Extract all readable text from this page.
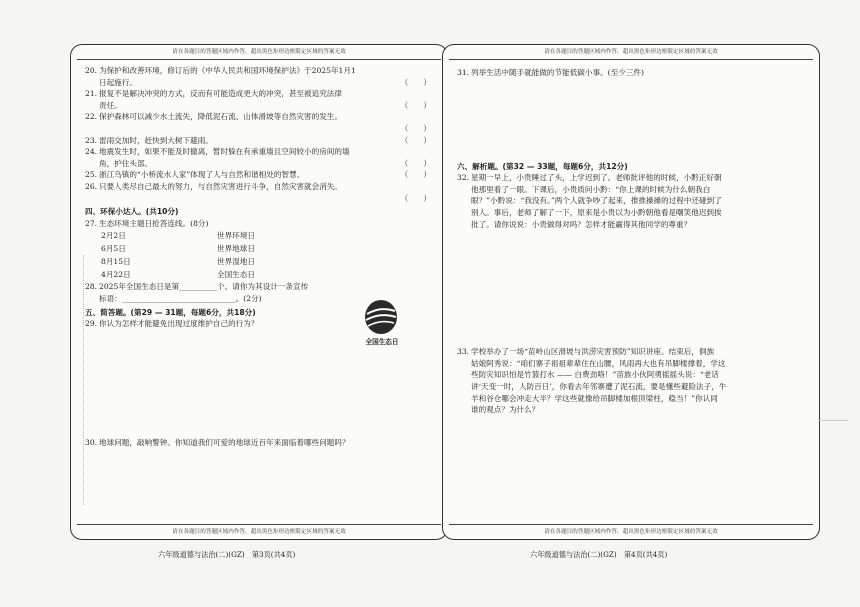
请在各题目的答题区域内作答，超出黑色矩形边框限定区域的答案无效
20. 为保护和改善环境，修订后的《中华人民共和国环境保护法》于2025年1月1
日起施行。	（　　）
21. 报复不是解决冲突的方式，反而有可能造成更大的冲突，甚至被追究法律
责任。	（　　）
22. 保护森林可以减少水土流失，降低泥石流、山体滑坡等自然灾害的发生。
（　　）
23. 雷雨交加时，赶快到大树下避雨。	（　　）
24. 地震发生时，如果不能及时撤离，暂时躲在有承重墙且空间较小的房间的墙
角，护住头部。	（　　）
25. 浙江乌镇的“小桥流水人家”体现了人与自然和谐相处的智慧。	（　　）
26. 只要人类尽自己最大的努力，与自然灾害进行斗争，自然灾害就会消失。
（　　）
四、环保小达人。(共10分)
27. 生态环境主题日抢答连线。(8分)
2月2日	世界环境日
6月5日	世界地球日
8月15日	世界湿地日
4月22日	全国生态日
28. 2025年全国生态日是第__________个。请你为其设计一条宣传
标语：______________________________。(2分)
五、简答题。(第29 — 31题，每题6分，共18分)
29. 你认为怎样才能避免出现过度维护自己的行为？
30. 地球问题，敲响警钟。你知道我们可爱的地球近百年来面临着哪些问题吗？
全国生态日
请在各题目的答题区域内作答，超出黑色矩形边框限定区域的答案无效
请在各题目的答题区域内作答，超出黑色矩形边框限定区域的答案无效
31. 列举生活中随手就能做的节能低碳小事。(至少三件)
六、解析题。(第32 — 33题，每题6分，共12分)
32. 星期一早上，小贵睡过了头，上学迟到了。老师批评他的时候，小黔正好朝
他那里看了一眼。下课后，小贵质问小黔：“你上课的时候为什么朝我白
眼？”小黔说：“我没有。”两个人就争吵了起来，推推搡搡的过程中还碰到了
别人。事后，老师了解了一下，原来是小贵以为小黔朝他看是嘲笑他迟到挨
批了。请你说说：小贵做得对吗？怎样才能赢得其他同学的尊重？
33. 学校举办了一场“苗岭山区滑坡与洪涝灾害预防”知识讲座。结束后，侗族
姑娘阿秀说：“咱们寨子祖祖辈辈住在山腰，风雨再大也有吊脚楼撑着，学这
些防灾知识怕是竹篮打水 —— 白费劲咯！”苗族小伙阿勇摇摇头说：“老话
讲‘天变一时，人防百日’，你看去年邻寨遭了泥石流，要是懂些避险法子，牛
羊和谷仓哪会冲走大半？学这些就像给吊脚楼加根顶梁柱，稳当！”你认同
谁的观点？为什么？
请在各题目的答题区域内作答，超出黑色矩形边框限定区域的答案无效
六年级道德与法治(二)(GZ)　第3页(共4页)	六年级道德与法治(二)(GZ)　第4页(共4页)
